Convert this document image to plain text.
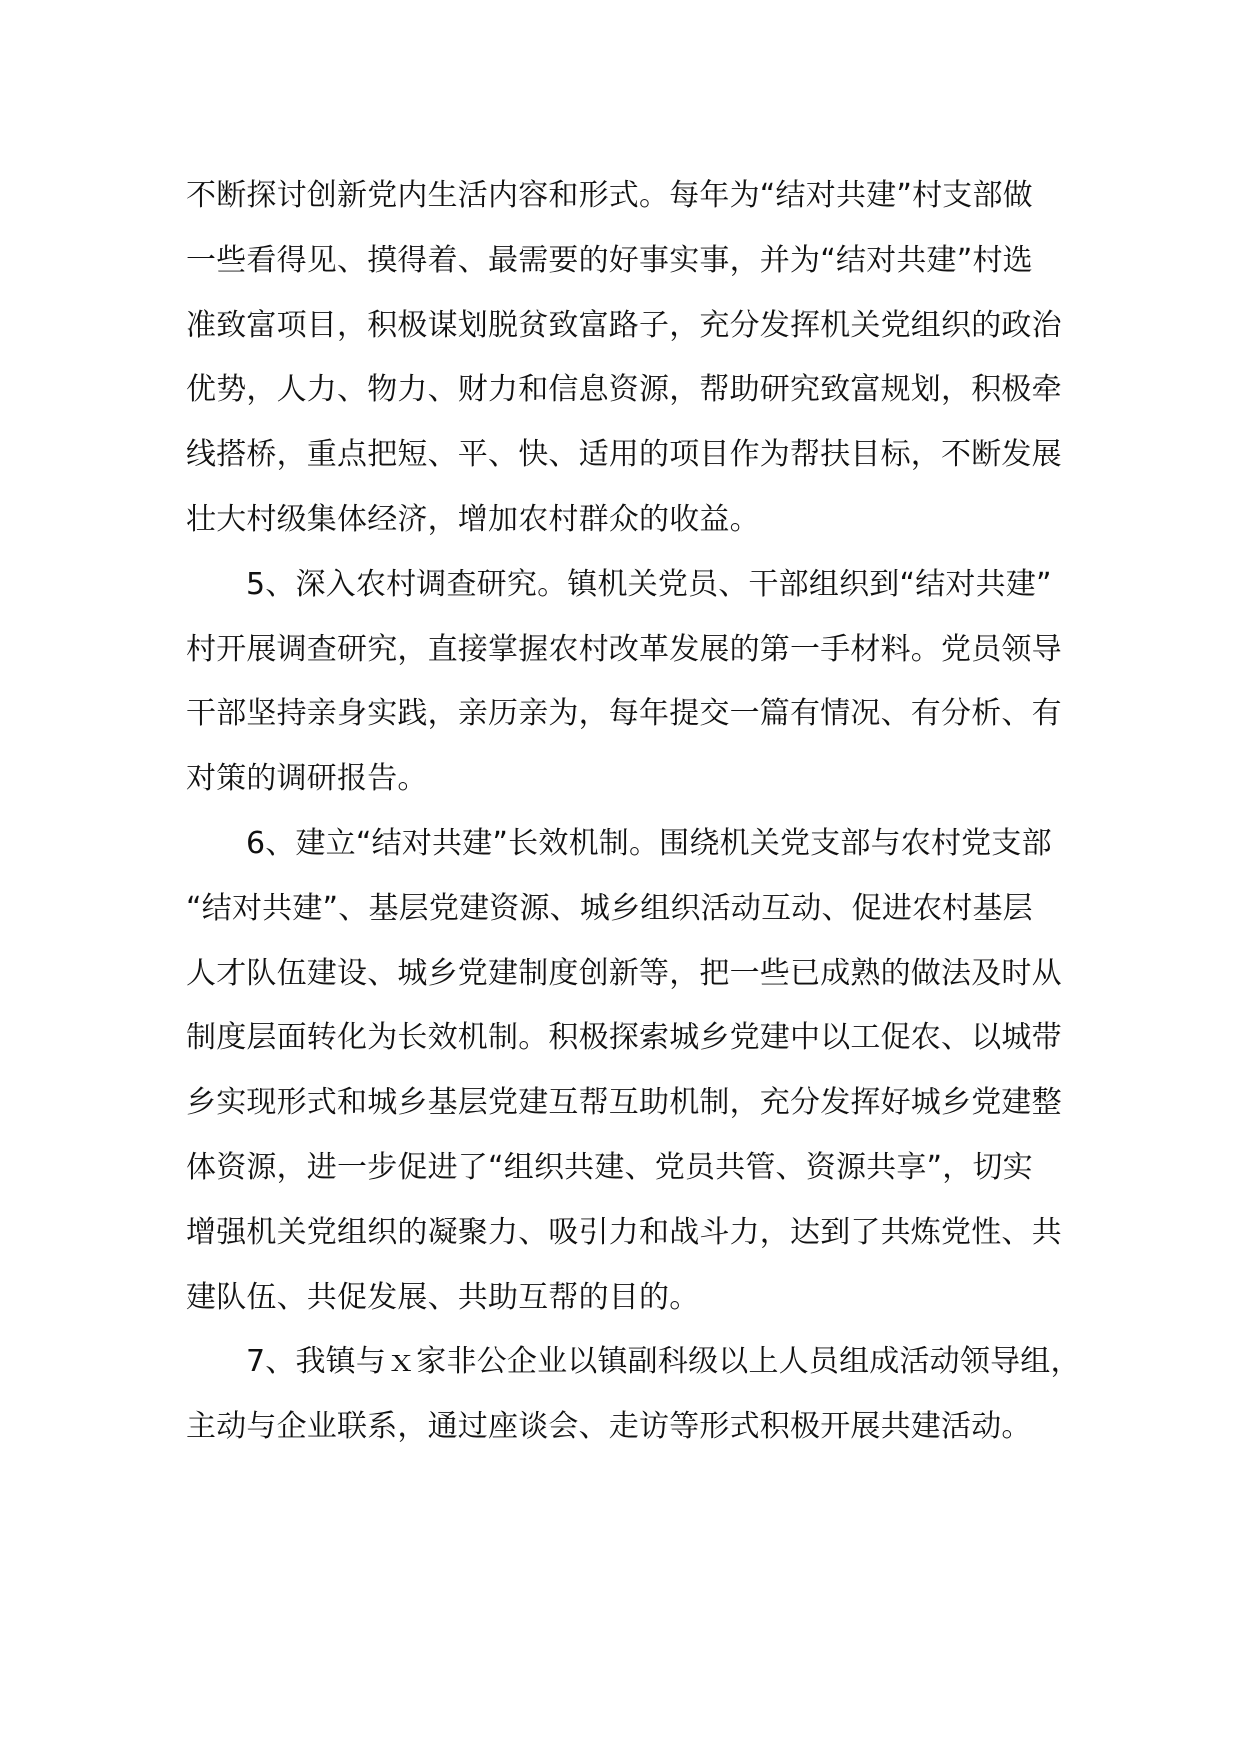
不断探讨创新党内生活内容和形式。每年为“结对共建”村支部做
一些看得见、摸得着、最需要的好事实事，并为“结对共建”村选
准致富项目，积极谋划脱贫致富路子，充分发挥机关党组织的政治
优势，人力、物力、财力和信息资源，帮助研究致富规划，积极牵
线搭桥，重点把短、平、快、适用的项目作为帮扶目标，不断发展
壮大村级集体经济，增加农村群众的收益。

5、深入农村调查研究。镇机关党员、干部组织到“结对共建”
村开展调查研究，直接掌握农村改革发展的第一手材料。党员领导
干部坚持亲身实践，亲历亲为，每年提交一篇有情况、有分析、有
对策的调研报告。

6、建立“结对共建”长效机制。围绕机关党支部与农村党支部
“结对共建”、基层党建资源、城乡组织活动互动、促进农村基层
人才队伍建设、城乡党建制度创新等，把一些已成熟的做法及时从
制度层面转化为长效机制。积极探索城乡党建中以工促农、以城带
乡实现形式和城乡基层党建互帮互助机制，充分发挥好城乡党建整
体资源，进一步促进了“组织共建、党员共管、资源共享”，切实
增强机关党组织的凝聚力、吸引力和战斗力，达到了共炼党性、共
建队伍、共促发展、共助互帮的目的。

7、我镇与ｘ家非公企业以镇副科级以上人员组成活动领导组，
主动与企业联系，通过座谈会、走访等形式积极开展共建活动。
